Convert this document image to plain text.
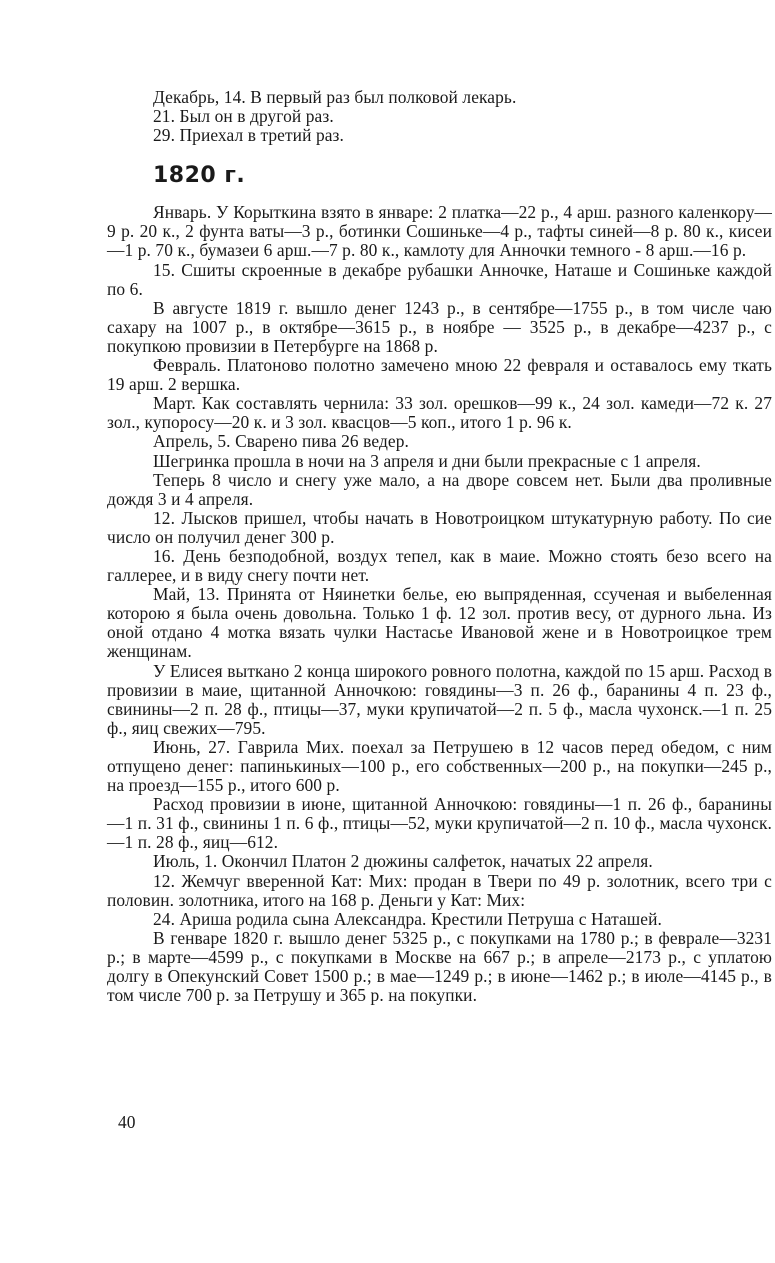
Декабрь, 14. В первый раз был полковой лекарь.

21. Был он в другой раз.

29. Приехал в третий раз.

1820 г.

Январь. У Корыткина взято в январе: 2 платка—22 р., 4 арш. разного каленкору—9 р. 20 к., 2 фунта ваты—3 р., ботинки Сошиньке—4 р., тафты синей—8 р. 80 к., кисеи—1 р. 70 к., бумазеи 6 арш.—7 р. 80 к., камлоту для Анночки темного - 8 арш.—16 р.

15. Сшиты скроенные в декабре рубашки Анночке, Наташе и Сошиньке каждой по 6.

В августе 1819 г. вышло денег 1243 р., в сентябре—1755 р., в том числе чаю сахару на 1007 р., в октябре—3615 р., в ноябре — 3525 р., в декабре—4237 р., с покупкою провизии в Петербурге на 1868 р.

Февраль. Платоново полотно замечено мною 22 февраля и оставалось ему ткать 19 арш. 2 вершка.

Март. Как составлять чернила: 33 зол. орешков—99 к., 24 зол. камеди—72 к. 27 зол., купоросу—20 к. и 3 зол. квасцов—5 коп., итого 1 р. 96 к.

Апрель, 5. Сварено пива 26 ведер.

Шегринка прошла в ночи на 3 апреля и дни были прекрасные с 1 апреля.

Теперь 8 число и снегу уже мало, а на дворе совсем нет. Были два проливные дождя 3 и 4 апреля.

12. Лысков пришел, чтобы начать в Новотроицком штукатурную работу. По сие число он получил денег 300 р.

16. День безподобной, воздух тепел, как в маие. Можно стоять безо всего на галлерее, и в виду снегу почти нет.

Май, 13. Принята от Няинетки белье, ею выпряденная, ссученая и выбеленная которою я была очень довольна. Только 1 ф. 12 зол. против весу, от дурного льна. Из оной отдано 4 мотка вязать чулки Настасье Ивановой жене и в Новотроицкое трем женщинам.

У Елисея выткано 2 конца широкого ровного полотна, каждой по 15 арш. Расход в провизии в маие, щитанной Анночкою: говядины—3 п. 26 ф., баранины 4 п. 23 ф., свинины—2 п. 28 ф., птицы—37, муки крупичатой—2 п. 5 ф., масла чухонск.—1 п. 25 ф., яиц свежих—795.

Июнь, 27. Гаврила Мих. поехал за Петрушею в 12 часов перед обедом, с ним отпущено денег: папинькиных—100 р., его собственных—200 р., на покупки—245 р., на проезд—155 р., итого 600 р.

Расход провизии в июне, щитанной Анночкою: говядины—1 п. 26 ф., баранины —1 п. 31 ф., свинины 1 п. 6 ф., птицы—52, муки крупичатой—2 п. 10 ф., масла чухонск.—1 п. 28 ф., яиц—612.

Июль, 1. Окончил Платон 2 дюжины салфеток, начатых 22 апреля.

12. Жемчуг вверенной Кат: Мих: продан в Твери по 49 р. золотник, всего три с половин. золотника, итого на 168 р. Деньги у Кат: Мих:

24. Ариша родила сына Александра. Крестили Петруша с Наташей.

В генваре 1820 г. вышло денег 5325 р., с покупками на 1780 р.; в феврале—3231 р.; в марте—4599 р., с покупками в Москве на 667 р.; в апреле—2173 р., с уплатою долгу в Опекунский Совет 1500 р.; в мае—1249 р.; в июне—1462 р.; в июле—4145 р., в том числе 700 р. за Петрушу и 365 р. на покупки.

40
